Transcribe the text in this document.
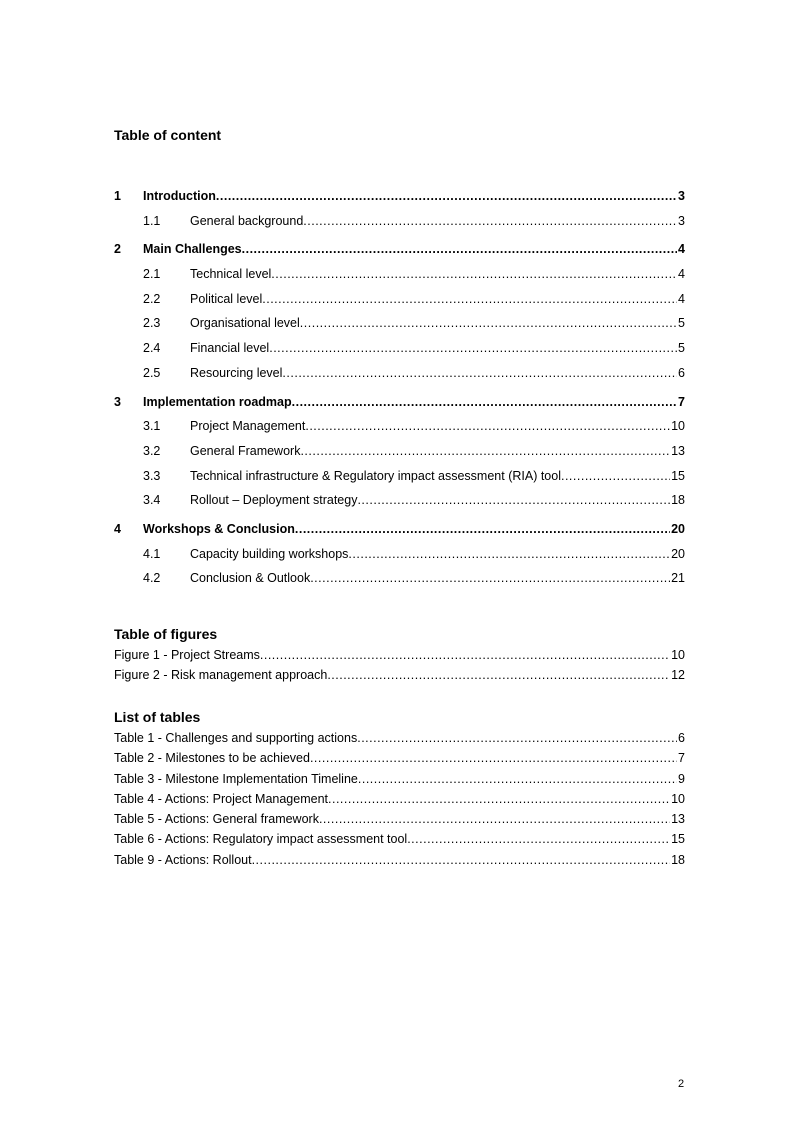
Table of content
1 Introduction .....	3
1.1 General background .....	3
2 Main Challenges .....	4
2.1 Technical level .....	4
2.2 Political level .....	4
2.3 Organisational level .....	5
2.4 Financial level .....	5
2.5 Resourcing level .....	6
3 Implementation roadmap .....	7
3.1 Project Management .....	10
3.2 General Framework .....	13
3.3 Technical infrastructure & Regulatory impact assessment (RIA) tool .....	15
3.4 Rollout – Deployment strategy .....	18
4 Workshops & Conclusion .....	20
4.1 Capacity building workshops .....	20
4.2 Conclusion & Outlook .....	21
Table of figures
Figure 1 - Project Streams .....	10
Figure 2 - Risk management approach .....	12
List of tables
Table 1 - Challenges and supporting actions .....	6
Table 2 - Milestones to be achieved .....	7
Table 3 - Milestone Implementation Timeline .....	9
Table 4 - Actions: Project Management .....	10
Table 5 - Actions: General framework .....	13
Table 6 - Actions: Regulatory impact assessment tool .....	15
Table 9 - Actions: Rollout .....	18
2
